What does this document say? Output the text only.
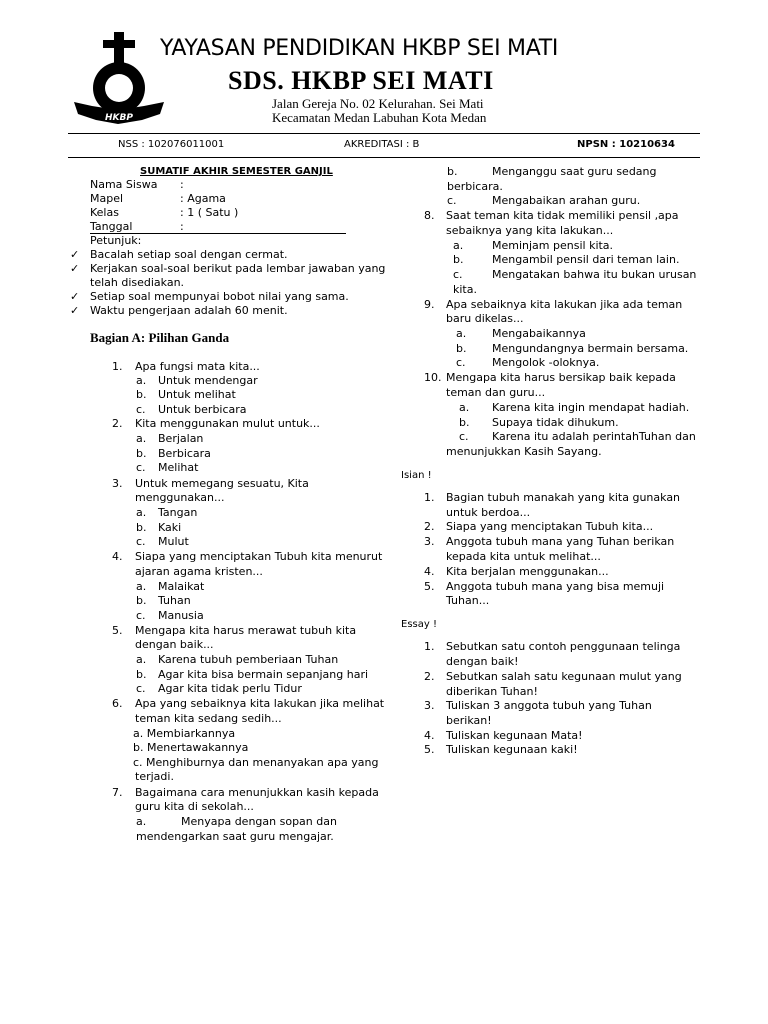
HKBP
YAYASAN PENDIDIKAN HKBP SEI MATI
SDS. HKBP SEI MATI
Jalan Gereja No. 02 Kelurahan. Sei Mati
Kecamatan Medan Labuhan Kota Medan
NSS : 102076011001	AKREDITASI : B	NPSN : 10210634
SUMATIF AKHIR SEMESTER GANJIL
Nama Siswa :
Mapel	: Agama
Kelas	: 1 ( Satu )
Tanggal	:
Petunjuk:
✓ Bacalah setiap soal dengan cermat.
✓ Kerjakan soal-soal berikut pada lembar jawaban yang
telah disediakan.
✓ Setiap soal mempunyai bobot nilai yang sama.
✓ Waktu pengerjaan adalah 60 menit.
Bagian A: Pilihan Ganda
1. Apa fungsi mata kita...
a. Untuk mendengar
b. Untuk melihat
c. Untuk berbicara
2. Kita menggunakan mulut untuk...
a. Berjalan
b. Berbicara
c. Melihat
3. Untuk memegang sesuatu, Kita
menggunakan...
a. Tangan
b. Kaki
c. Mulut
4. Siapa yang menciptakan Tubuh kita menurut
ajaran agama kristen...
a. Malaikat
b. Tuhan
c. Manusia
5. Mengapa kita harus merawat tubuh kita
dengan baik...
a. Karena tubuh pemberiaan Tuhan
b. Agar kita bisa bermain sepanjang hari
c. Agar kita tidak perlu Tidur
6. Apa yang sebaiknya kita lakukan jika melihat
teman kita sedang sedih...
a. Membiarkannya
b. Menertawakannya
c. Menghiburnya dan menanyakan apa yang
terjadi.
7. Bagaimana cara menunjukkan kasih kepada
guru kita di sekolah...
a.	Menyapa dengan sopan dan
mendengarkan saat guru mengajar.
b.	Menganggu saat guru sedang
berbicara.
c.	Mengabaikan arahan guru.
8. Saat teman kita tidak memiliki pensil ,apa
sebaiknya yang kita lakukan...
a.	Meminjam pensil kita.
b.	Mengambil pensil dari teman lain.
c.	Mengatakan bahwa itu bukan urusan
kita.
9. Apa sebaiknya kita lakukan jika ada teman
baru dikelas...
a. Mengabaikannya
b. Mengundangnya bermain bersama.
c. Mengolok -oloknya.
10. Mengapa kita harus bersikap baik kepada
teman dan guru...
a. Karena kita ingin mendapat hadiah.
b. Supaya tidak dihukum.
c. Karena itu adalah perintahTuhan dan
menunjukkan Kasih Sayang.
Isian !
1. Bagian tubuh manakah yang kita gunakan
untuk berdoa...
2. Siapa yang menciptakan Tubuh kita...
3. Anggota tubuh mana yang Tuhan berikan
kepada kita untuk melihat...
4. Kita berjalan menggunakan...
5. Anggota tubuh mana yang bisa memuji
Tuhan...
Essay !
1. Sebutkan satu contoh penggunaan telinga
dengan baik!
2. Sebutkan salah satu kegunaan mulut yang
diberikan Tuhan!
3. Tuliskan 3 anggota tubuh yang Tuhan
berikan!
4. Tuliskan kegunaan Mata!
5. Tuliskan kegunaan kaki!
